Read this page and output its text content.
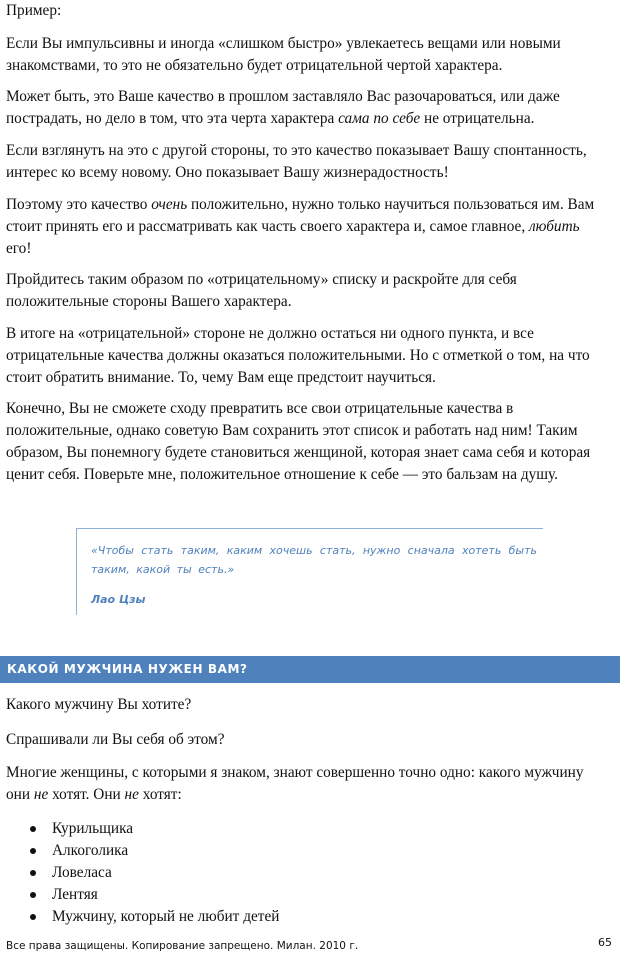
Пример:

Если Вы импульсивны и иногда «слишком быстро» увлекаетесь вещами или новыми знакомствами, то это не обязательно будет отрицательной чертой характера.

Может быть, это Ваше качество в прошлом заставляло Вас разочароваться, или даже пострадать, но дело в том, что эта черта характера сама по себе не отрицательна.

Если взглянуть на это с другой стороны, то это качество показывает Вашу спонтанность, интерес ко всему новому. Оно показывает Вашу жизнерадостность!

Поэтому это качество очень положительно, нужно только научиться пользоваться им. Вам стоит принять его и рассматривать как часть своего характера и, самое главное, любить его!

Пройдитесь таким образом по «отрицательному» списку и раскройте для себя положительные стороны Вашего характера.

В итоге на «отрицательной» стороне не должно остаться ни одного пункта, и все отрицательные качества должны оказаться положительными. Но с отметкой о том, на что стоит обратить внимание. То, чему Вам еще предстоит научиться.

Конечно, Вы не сможете сходу превратить все свои отрицательные качества в положительные, однако советую Вам сохранить этот список и работать над ним! Таким образом, Вы понемногу будете становиться женщиной, которая знает сама себя и которая ценит себя. Поверьте мне, положительное отношение к себе — это бальзам на душу.

«Чтобы стать таким, каким хочешь стать, нужно сначала хотеть быть таким, какой ты есть.»

Лао Цзы
КАКОЙ МУЖЧИНА НУЖЕН ВАМ?

Какого мужчину Вы хотите?

Спрашивали ли Вы себя об этом?

Многие женщины, с которыми я знаком, знают совершенно точно одно: какого мужчину они не хотят. Они не хотят:

Курильщика
Алкоголика
Ловеласа
Лентяя
Мужчину, который не любит детей
Все права защищены. Копирование запрещено. Милан. 2010 г.	65
